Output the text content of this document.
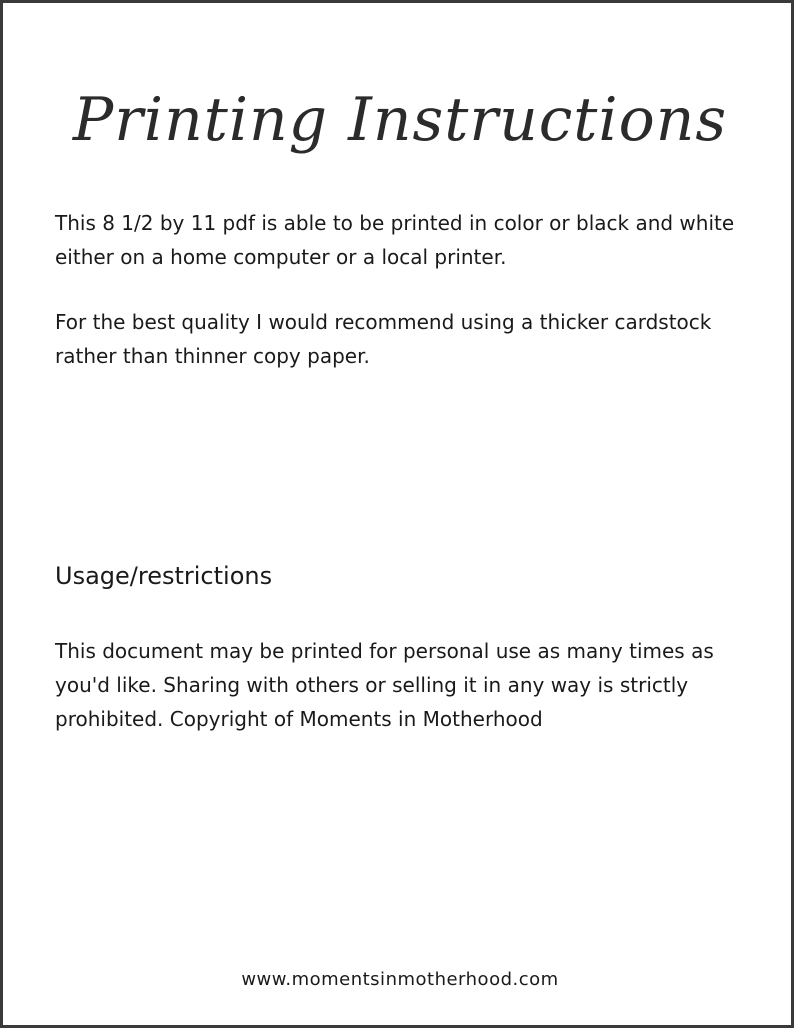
Printing Instructions

This 8 1/2 by 11 pdf is able to be printed in color or black and white either on a home computer or a local printer.

For the best quality I would recommend using a thicker cardstock rather than thinner copy paper.

Usage/restrictions

This document may be printed for personal use as many times as you'd like. Sharing with others or selling it in any way is strictly prohibited. Copyright of Moments in Motherhood

www.momentsinmotherhood.com
